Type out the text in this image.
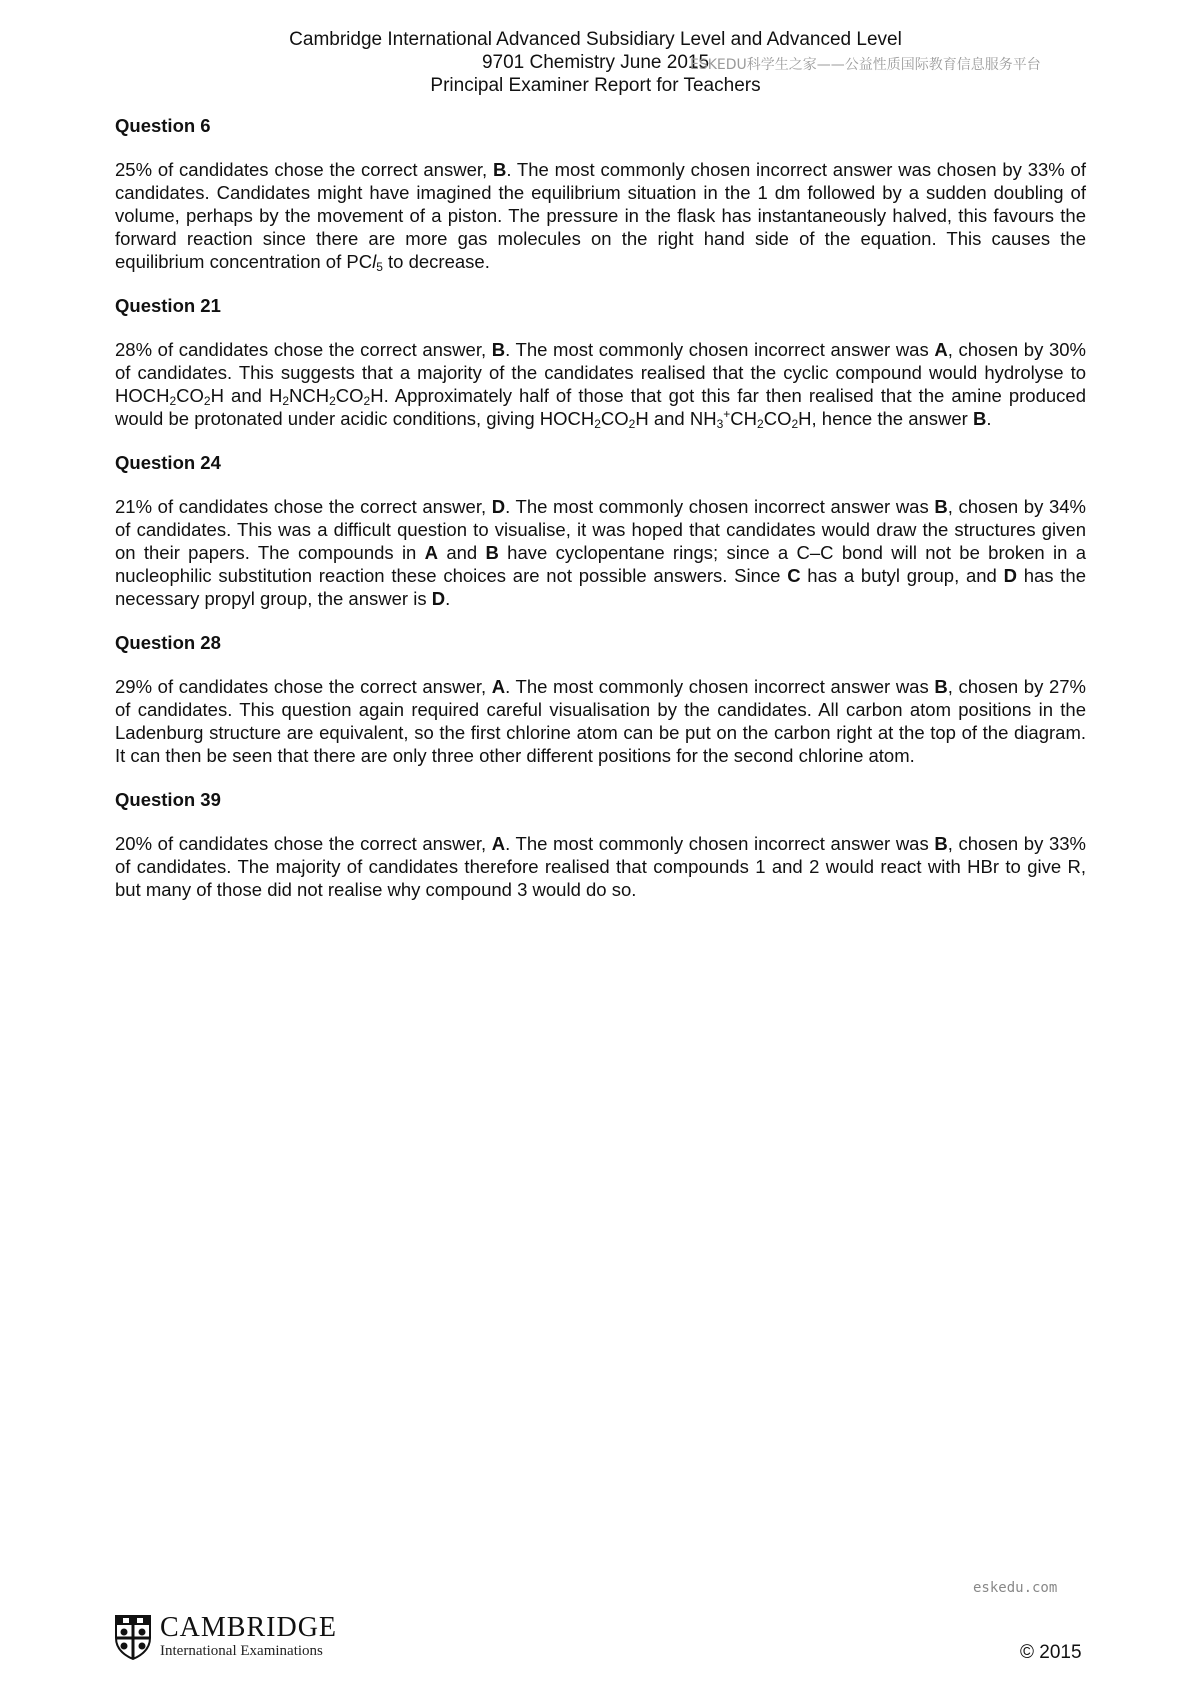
Cambridge International Advanced Subsidiary Level and Advanced Level
9701 Chemistry June 2015
Principal Examiner Report for Teachers
ESKEDU科学生之家——公益性质国际教育信息服务平台
Question 6

25% of candidates chose the correct answer, B. The most commonly chosen incorrect answer was chosen by 33% of candidates. Candidates might have imagined the equilibrium situation in the 1 dm followed by a sudden doubling of volume, perhaps by the movement of a piston. The pressure in the flask has instantaneously halved, this favours the forward reaction since there are more gas molecules on the right hand side of the equation. This causes the equilibrium concentration of PCl$_5$ to decrease.

Question 21

28% of candidates chose the correct answer, B. The most commonly chosen incorrect answer was A, chosen by 30% of candidates. This suggests that a majority of the candidates realised that the cyclic compound would hydrolyse to $HOCH_2CO_2H$ and $H_2NCH_2CO_2H$. Approximately half of those that got this far then realised that the amine produced would be protonated under acidic conditions, giving $HOCH_2CO_2H$ and $NH_3^+CH_2CO_2H$, hence the answer B.

Question 24

21% of candidates chose the correct answer, D. The most commonly chosen incorrect answer was B, chosen by 34% of candidates. This was a difficult question to visualise, it was hoped that candidates would draw the structures given on their papers. The compounds in A and B have cyclopentane rings; since a C–C bond will not be broken in a nucleophilic substitution reaction these choices are not possible answers. Since C has a butyl group, and D has the necessary propyl group, the answer is D.

Question 28

29% of candidates chose the correct answer, A. The most commonly chosen incorrect answer was B, chosen by 27% of candidates. This question again required careful visualisation by the candidates. All carbon atom positions in the Ladenburg structure are equivalent, so the first chlorine atom can be put on the carbon right at the top of the diagram. It can then be seen that there are only three other different positions for the second chlorine atom.

Question 39

20% of candidates chose the correct answer, A. The most commonly chosen incorrect answer was B, chosen by 33% of candidates. The majority of candidates therefore realised that compounds 1 and 2 would react with HBr to give R, but many of those did not realise why compound 3 would do so.

eskedu.com
CAMBRIDGE
International Examinations	© 2015
